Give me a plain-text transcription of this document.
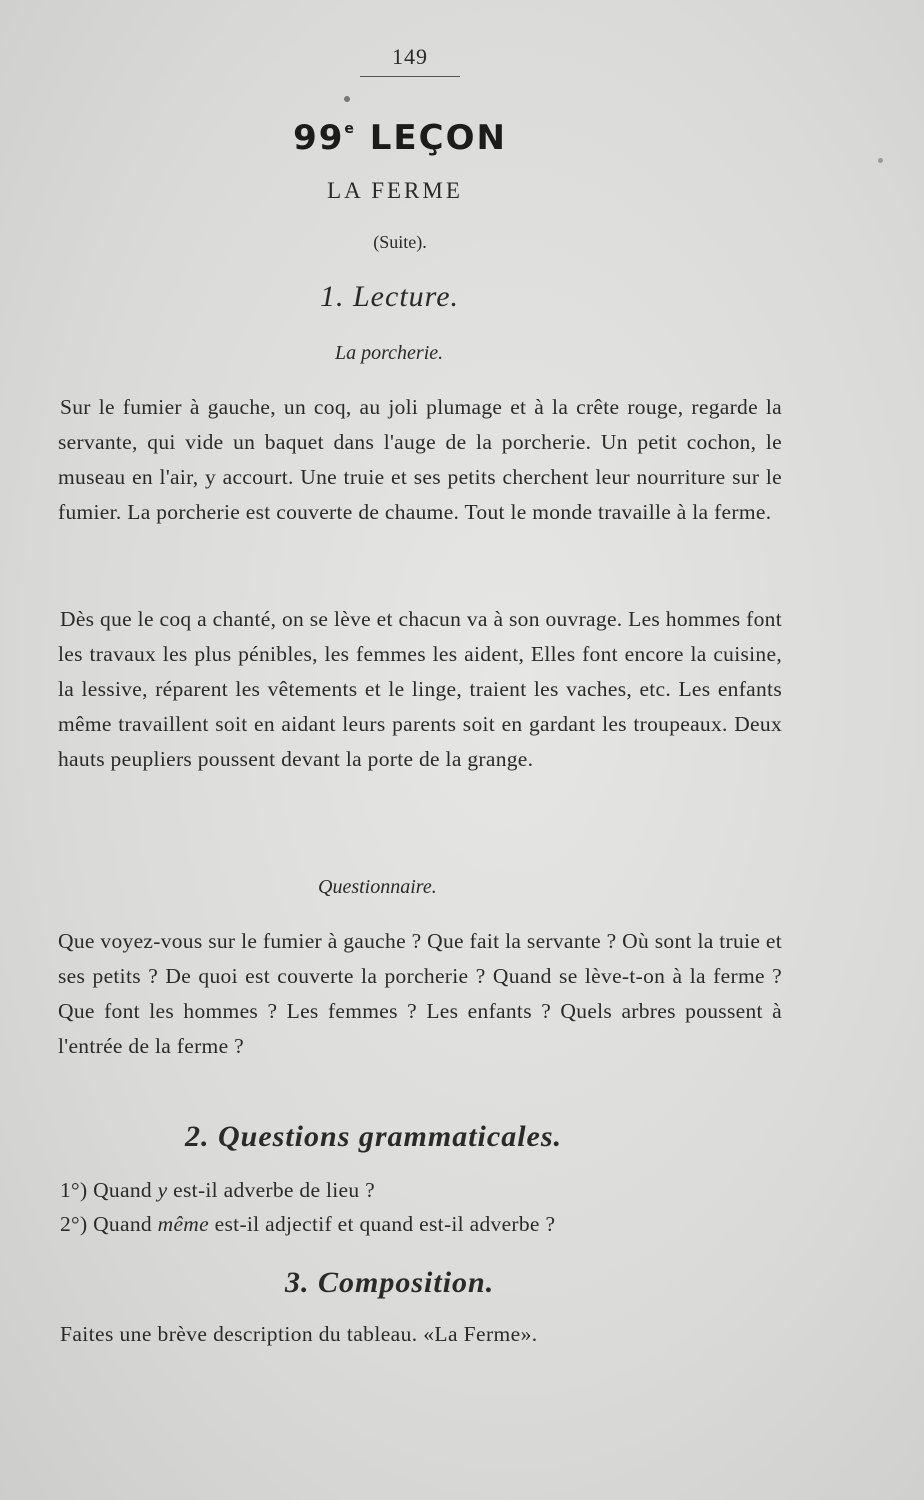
149
99e LEÇON
LA FERME
(Suite).
1. Lecture.
La porcherie.
Sur le fumier à gauche, un coq, au joli plumage et à la crête rouge, regarde la servante, qui vide un baquet dans l'auge de la porcherie. Un petit cochon, le museau en l'air, y accourt. Une truie et ses petits cherchent leur nourriture sur le fumier. La porcherie est couverte de chaume. Tout le monde travaille à la ferme.
Dès que le coq a chanté, on se lève et chacun va à son ouvrage. Les hommes font les travaux les plus pénibles, les femmes les aident, Elles font encore la cuisine, la lessive, réparent les vêtements et le linge, traient les vaches, etc. Les enfants même travaillent soit en aidant leurs parents soit en gardant les troupeaux. Deux hauts peupliers poussent devant la porte de la grange.
Questionnaire.
Que voyez-vous sur le fumier à gauche ? Que fait la servante ? Où sont la truie et ses petits ? De quoi est couverte la porcherie ? Quand se lève-t-on à la ferme ? Que font les hommes ? Les femmes ? Les enfants ? Quels arbres poussent à l'entrée de la ferme ?
2. Questions grammaticales.
1°) Quand y est-il adverbe de lieu ?
2°) Quand même est-il adjectif et quand est-il adverbe ?
3. Composition.
Faites une brève description du tableau. «La Ferme».
